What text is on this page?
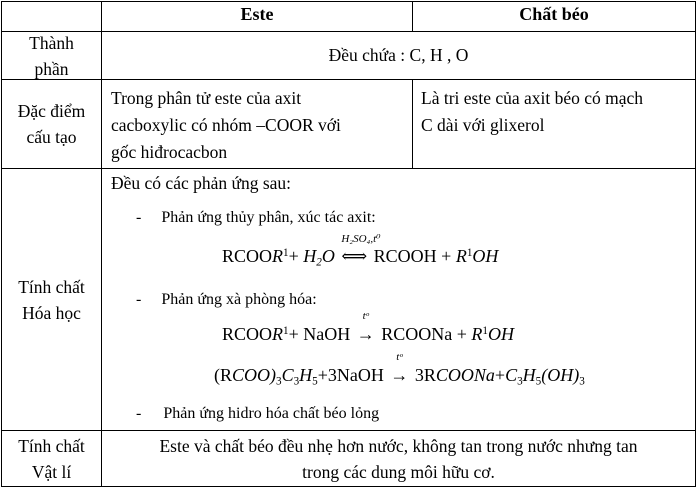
Este	Chất béo
Thành
phần
Đều chứa : C, H , O
Đặc điểm
cấu tạo
Trong phân tử este của axit
cacboxylic có nhóm –COOR với
gốc hiđrocacbon
Là tri este của axit béo có mạch
C dài với glixerol
Tính chất
Hóa học
Đều có các phản ứng sau:
- Phản ứng thủy phân, xúc tác axit:
$RCOOR^1+ H_2O$
H₂SO₄,t⁰
⟺ RCOOH + $R^1OH$
- Phản ứng xà phòng hóa:
$RCOOR^1+$ NaOH
tᵒ
→ RCOONa + $R^1OH$
$(RCOO)_3C_3H_5+3NaOH$
tᵒ
→ $3RCOONa+C_3H_5(OH)_3$
- Phản ứng hidro hóa chất béo lỏng
Tính chất
Vật lí
Este và chất béo đều nhẹ hơn nước, không tan trong nước nhưng tan
trong các dung môi hữu cơ.
